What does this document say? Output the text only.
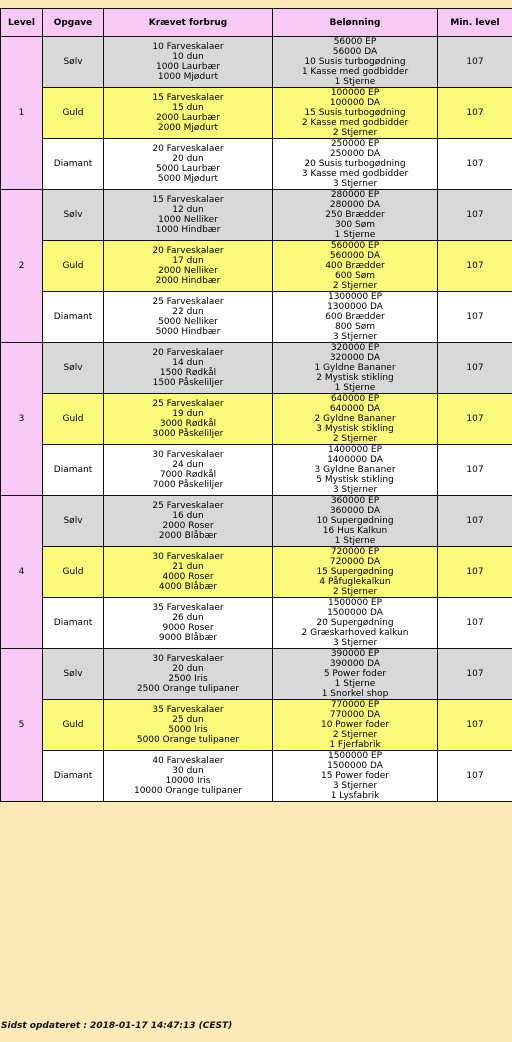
Level	Opgave	Krævet forbrug	Belønning	Min. level
1	Sølv	10 Farveskalaer
10 dun
1000 Laurbær
1000 Mjødurt	56000 EP
56000 DA
10 Susis turbogødning
1 Kasse med godbidder
1 Stjerne	107
	Guld	15 Farveskalaer
15 dun
2000 Laurbær
2000 Mjødurt	100000 EP
100000 DA
15 Susis turbogødning
2 Kasse med godbidder
2 Stjerner	107
	Diamant	20 Farveskalaer
20 dun
5000 Laurbær
5000 Mjødurt	250000 EP
250000 DA
20 Susis turbogødning
3 Kasse med godbidder
3 Stjerner	107
2	Sølv	15 Farveskalaer
12 dun
1000 Nelliker
1000 Hindbær	280000 EP
280000 DA
250 Brædder
300 Søm
1 Stjerne	107
	Guld	20 Farveskalaer
17 dun
2000 Nelliker
2000 Hindbær	560000 EP
560000 DA
400 Brædder
600 Søm
2 Stjerner	107
	Diamant	25 Farveskalaer
22 dun
5000 Nelliker
5000 Hindbær	1300000 EP
1300000 DA
600 Brædder
800 Søm
3 Stjerner	107
3	Sølv	20 Farveskalaer
14 dun
1500 Rødkål
1500 Påskeliljer	320000 EP
320000 DA
1 Gyldne Bananer
2 Mystisk stikling
1 Stjerne	107
	Guld	25 Farveskalaer
19 dun
3000 Rødkål
3000 Påskeliljer	640000 EP
640000 DA
2 Gyldne Bananer
3 Mystisk stikling
2 Stjerner	107
	Diamant	30 Farveskalaer
24 dun
7000 Rødkål
7000 Påskeliljer	1400000 EP
1400000 DA
3 Gyldne Bananer
5 Mystisk stikling
3 Stjerner	107
4	Sølv	25 Farveskalaer
16 dun
2000 Roser
2000 Blåbær	360000 EP
360000 DA
10 Supergødning
16 Hus Kalkun
1 Stjerne	107
	Guld	30 Farveskalaer
21 dun
4000 Roser
4000 Blåbær	720000 EP
720000 DA
15 Supergødning
4 Påfuglekalkun
2 Stjerner	107
	Diamant	35 Farveskalaer
26 dun
9000 Roser
9000 Blåbær	1500000 EP
1500000 DA
20 Supergødning
2 Græskarhoved kalkun
3 Stjerner	107
5	Sølv	30 Farveskalaer
20 dun
2500 Iris
2500 Orange tulipaner	390000 EP
390000 DA
5 Power foder
1 Stjerne
1 Snorkel shop	107
	Guld	35 Farveskalaer
25 dun
5000 Iris
5000 Orange tulipaner	770000 EP
770000 DA
10 Power foder
2 Stjerner
1 Fjerfabrik	107
	Diamant	40 Farveskalaer
30 dun
10000 Iris
10000 Orange tulipaner	1500000 EP
1500000 DA
15 Power foder
3 Stjerner
1 Lysfabrik	107
Sidst opdateret : 2018-01-17 14:47:13 (CEST)
